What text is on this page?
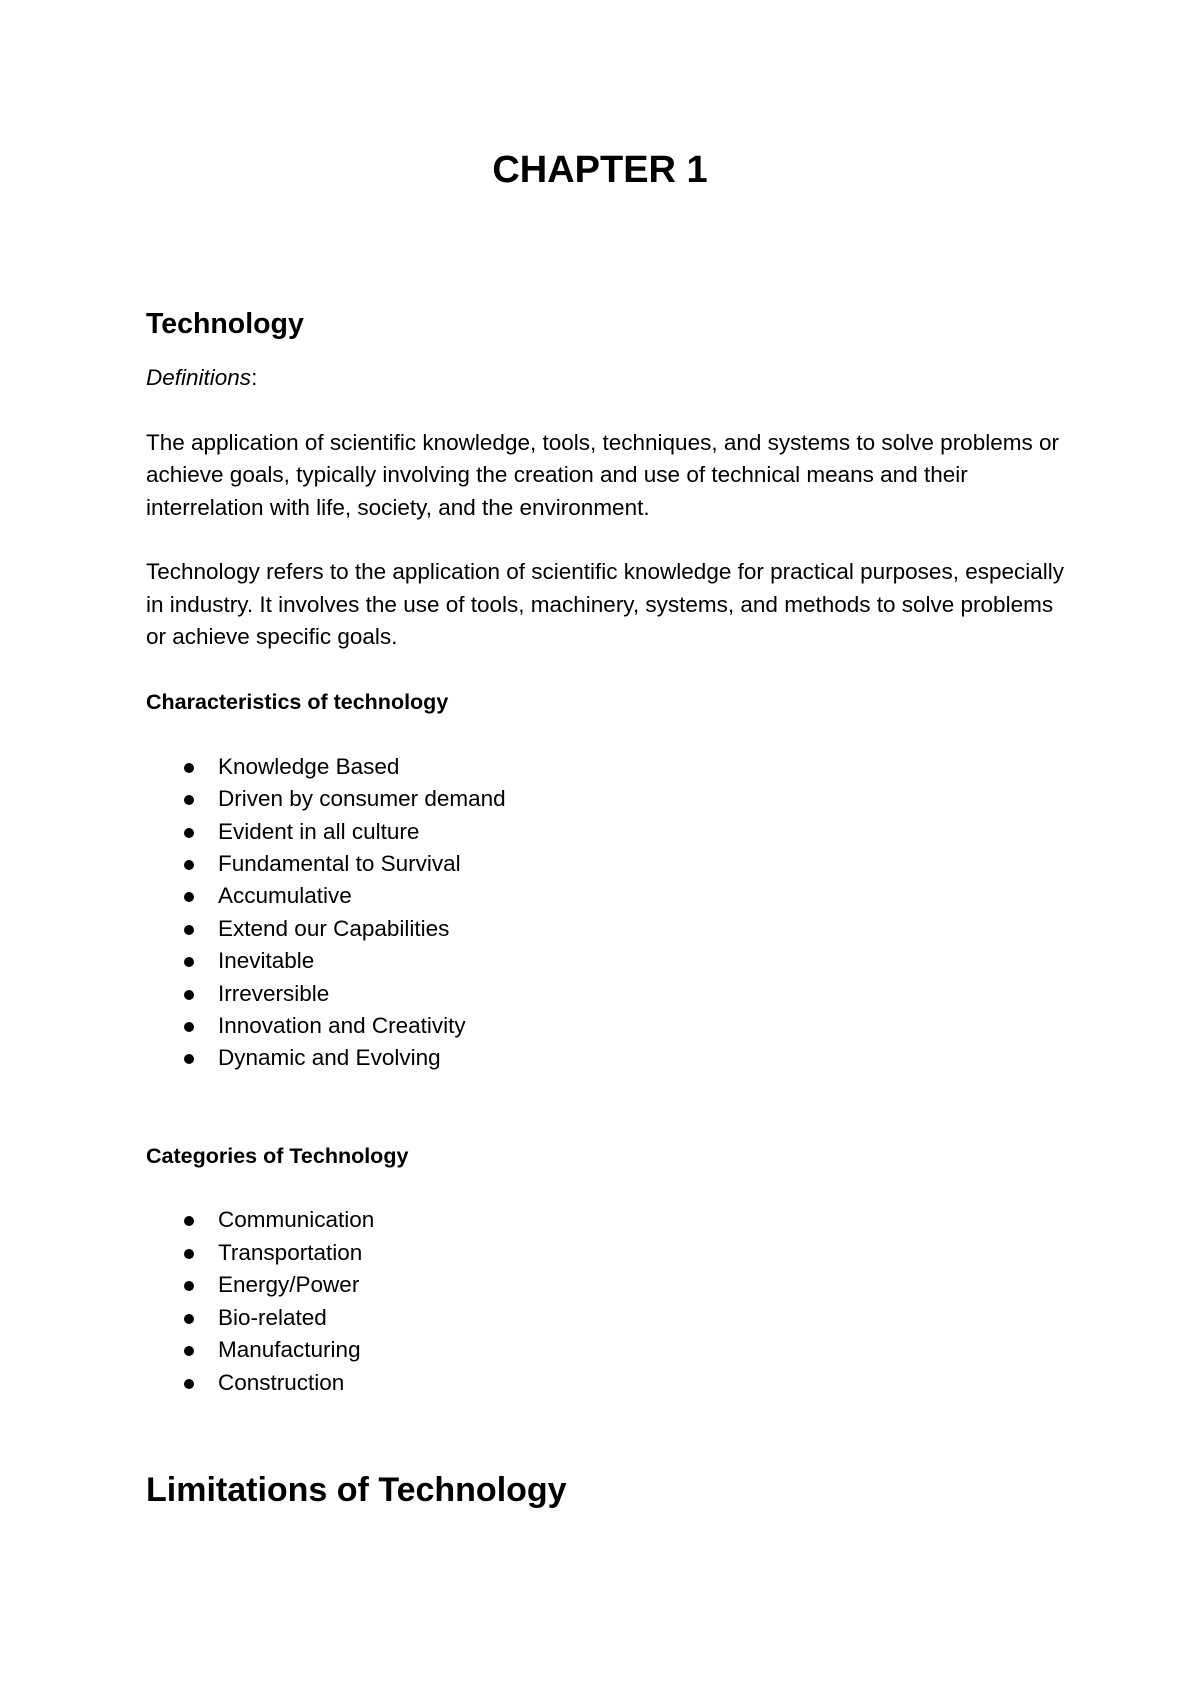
CHAPTER 1
Technology

Definitions:

The application of scientific knowledge, tools, techniques, and systems to solve problems or achieve goals, typically involving the creation and use of technical means and their interrelation with life, society, and the environment.

Technology refers to the application of scientific knowledge for practical purposes, especially in industry. It involves the use of tools, machinery, systems, and methods to solve problems or achieve specific goals.

Characteristics of technology

Knowledge Based
Driven by consumer demand
Evident in all culture
Fundamental to Survival
Accumulative
Extend our Capabilities
Inevitable
Irreversible
Innovation and Creativity
Dynamic and Evolving

Categories of Technology

Communication
Transportation
Energy/Power
Bio-related
Manufacturing
Construction
Limitations of Technology
